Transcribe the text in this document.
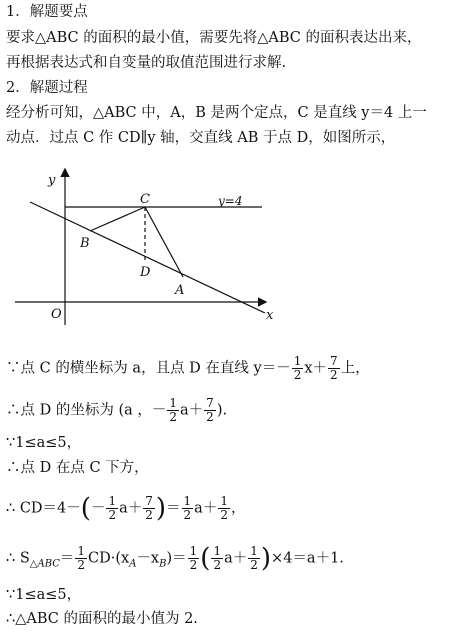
1．解题要点
要求△ABC 的面积的最小值，需要先将△ABC 的面积表达出来，
再根据表达式和自变量的取值范围进行求解.
2．解题过程
经分析可知，△ABC 中，A，B 是两个定点，C 是直线 y＝4 上一
动点．过点 C 作 CD∥y 轴，交直线 AB 于点 D，如图所示，
y
x
O
y=4
C
B
D
A
∵点 C 的横坐标为 a，且点 D 在直线 $y=- \frac{1}{2} x+ \frac{7}{2}$ 上，
∴点 D 的坐标为 (a ，－ $\frac{1}{2} a+ \frac{7}{2}$ ).
∵1≤a≤5，
∴点 D 在点 C 下方，
∴ $CD=4-(- \frac{1}{2} a+ \frac{7}{2}$ )＝ $\frac{1}{2} a+ \frac{1}{2}$ ，
∴ $S_{\triangle ABC}= \frac{1}{2} CD\cdot(x_A-x_B)= \frac{1}{2}$ ( $\frac{1}{2} a+ \frac{1}{2} )\times 4=a+1$.
∵1≤a≤5，
∴△ABC 的面积的最小值为 2.
